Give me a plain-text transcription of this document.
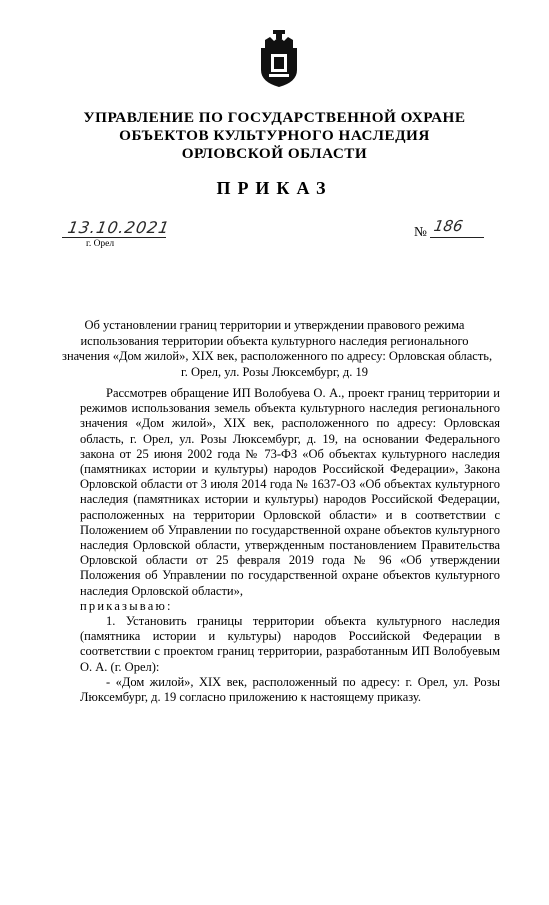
УПРАВЛЕНИЕ ПО ГОСУДАРСТВЕННОЙ ОХРАНЕ
ОБЪЕКТОВ КУЛЬТУРНОГО НАСЛЕДИЯ
ОРЛОВСКОЙ ОБЛАСТИ
ПРИКАЗ
13.10.2021
г. Орел
№ 186
Об установлении границ территории и утверждении правового режима
использования территории объекта культурного наследия регионального
значения «Дом жилой», XIX век, расположенного по адресу: Орловская область,
г. Орел, ул. Розы Люксембург, д. 19

Рассмотрев обращение ИП Волобуева О. А., проект границ территории и режимов использования земель объекта культурного наследия регионального значения «Дом жилой», XIX век, расположенного по адресу: Орловская область, г. Орел, ул. Розы Люксембург, д. 19, на основании Федерального закона от 25 июня 2002 года № 73-ФЗ «Об объектах культурного наследия (памятниках истории и культуры) народов Российской Федерации», Закона Орловской области от 3 июля 2014 года № 1637-ОЗ «Об объектах культурного наследия (памятниках истории и культуры) народов Российской Федерации, расположенных на территории Орловской области» и в соответствии с Положением об Управлении по государственной охране объектов культурного наследия Орловской области, утвержденным постановлением Правительства Орловской области от 25 февраля 2019 года № 96 «Об утверждении Положения об Управлении по государственной охране объектов культурного наследия Орловской области»,

приказываю:

1. Установить границы территории объекта культурного наследия (памятника истории и культуры) народов Российской Федерации в соответствии с проектом границ территории, разработанным ИП Волобуевым О. А. (г. Орел):

- «Дом жилой», XIX век, расположенный по адресу: г. Орел, ул. Розы Люксембург, д. 19 согласно приложению к настоящему приказу.
